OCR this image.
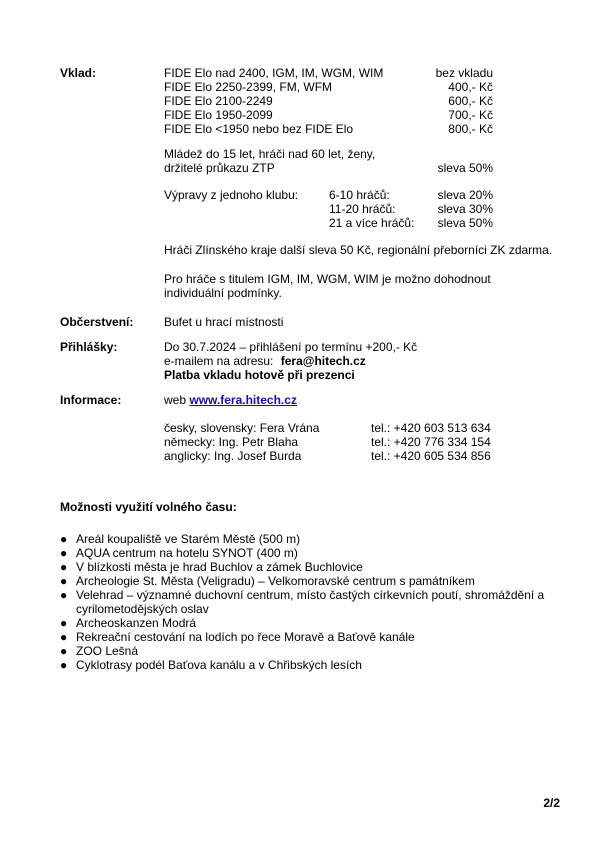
Vklad:	FIDE Elo nad 2400, IGM, IM, WGM, WIM	bez vkladu
FIDE Elo 2250-2399, FM, WFM	400,- Kč
FIDE Elo 2100-2249	600,- Kč
FIDE Elo 1950-2099	700,- Kč
FIDE Elo <1950 nebo bez FIDE Elo	800,- Kč
Mládež do 15 let, hráči nad 60 let, ženy,
držitelé průkazu ZTP	sleva 50%
Výpravy z jednoho klubu:	6-10 hráčů:	sleva 20%
11-20 hráčů:	sleva 30%
21 a více hráčů:	sleva 50%
Hráči Zlínského kraje další sleva 50 Kč, regionální přeborníci ZK zdarma.
Pro hráče s titulem IGM, IM, WGM, WIM je možno dohodnout
individuální podmínky.
Občerstvení:	Bufet u hrací místnosti
Přihlášky:	Do 30.7.2024 – přihlášení po termínu +200,- Kč
e-mailem na adresu: fera@hitech.cz
Platba vkladu hotově při prezenci
Informace:	web www.fera.hitech.cz
česky, slovensky: Fera Vrána	tel.: +420 603 513 634
německy: Ing. Petr Blaha	tel.: +420 776 334 154
anglicky: Ing. Josef Burda	tel.: +420 605 534 856
Možnosti využití volného času:
● Areál koupaliště ve Starém Městě (500 m)
● AQUA centrum na hotelu SYNOT (400 m)
● V blízkosti města je hrad Buchlov a zámek Buchlovice
● Archeologie St. Města (Veligradu) – Velkomoravské centrum s památníkem
● Velehrad – významné duchovní centrum, místo častých církevních poutí, shromáždění a cyrilometodějských oslav
● Archeoskanzen Modrá
● Rekreační cestování na lodích po řece Moravě a Baťově kanále
● ZOO Lešná
● Cyklotrasy podél Baťova kanálu a v Chřibských lesích
2/2
